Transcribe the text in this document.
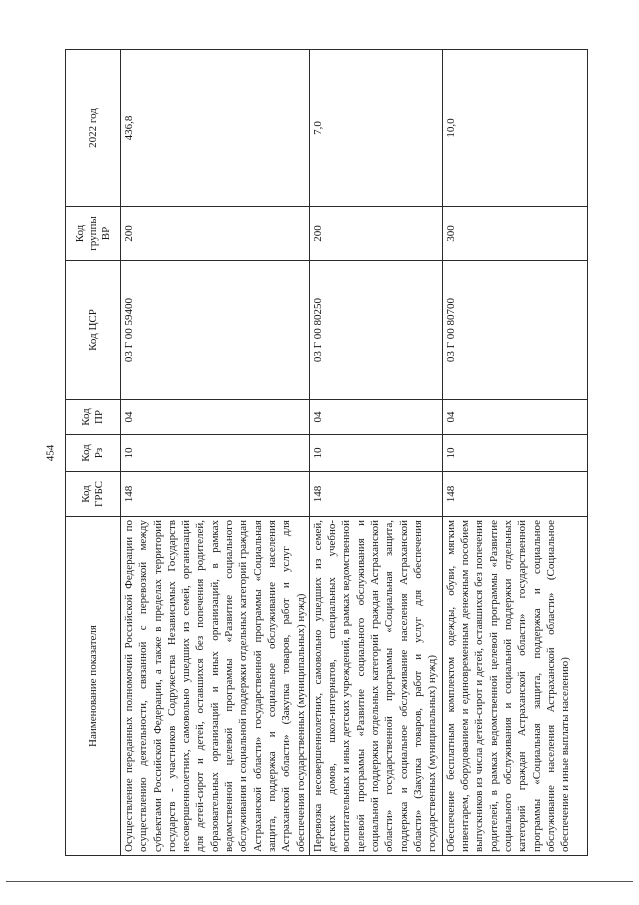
454
Наименование показателя	Код ГРБС	Код Рз	Код ПР	Код ЦСР	Код группы ВР	2022 год
Осуществление переданных полномочий Российской Федерации по осуществлению деятельности, связанной с перевозкой между субъектами Российской Федерации, а также в пределах территорий государств - участников Содружества Независимых Государств несовершеннолетних, самовольно ушедших из семей, организаций для детей-сирот и детей, оставшихся без попечения родителей, образовательных организаций и иных организаций, в рамках ведомственной целевой программы «Развитие социального обслуживания и социальной поддержки отдельных категорий граждан Астраханской области» государственной программы «Социальная защита, поддержка и социальное обслуживание населения Астраханской области» (Закупка товаров, работ и услуг для обеспечения государственных (муниципальных) нужд)	148	10	04	03 Г 00 59400	200	436,8
Перевозка несовершеннолетних, самовольно ушедших из семей, детских домов, школ-интернатов, специальных учебно-воспитательных и иных детских учреждений, в рамках ведомственной целевой программы «Развитие социального обслуживания и социальной поддержки отдельных категорий граждан Астраханской области» государственной программы «Социальная защита, поддержка и социальное обслуживание населения Астраханской области» (Закупка товаров, работ и услуг для обеспечения государственных (муниципальных) нужд)	148	10	04	03 Г 00 80250	200	7,0
Обеспечение бесплатным комплектом одежды, обуви, мягким инвентарем, оборудованием и единовременным денежным пособием выпускников из числа детей-сирот и детей, оставшихся без попечения родителей, в рамках ведомственной целевой программы «Развитие социального обслуживания и социальной поддержки отдельных категорий граждан Астраханской области» государственной программы «Социальная защита, поддержка и социальное обслуживание населения Астраханской области» (Социальное обеспечение и иные выплаты населению)	148	10	04	03 Г 00 80700	300	10,0
